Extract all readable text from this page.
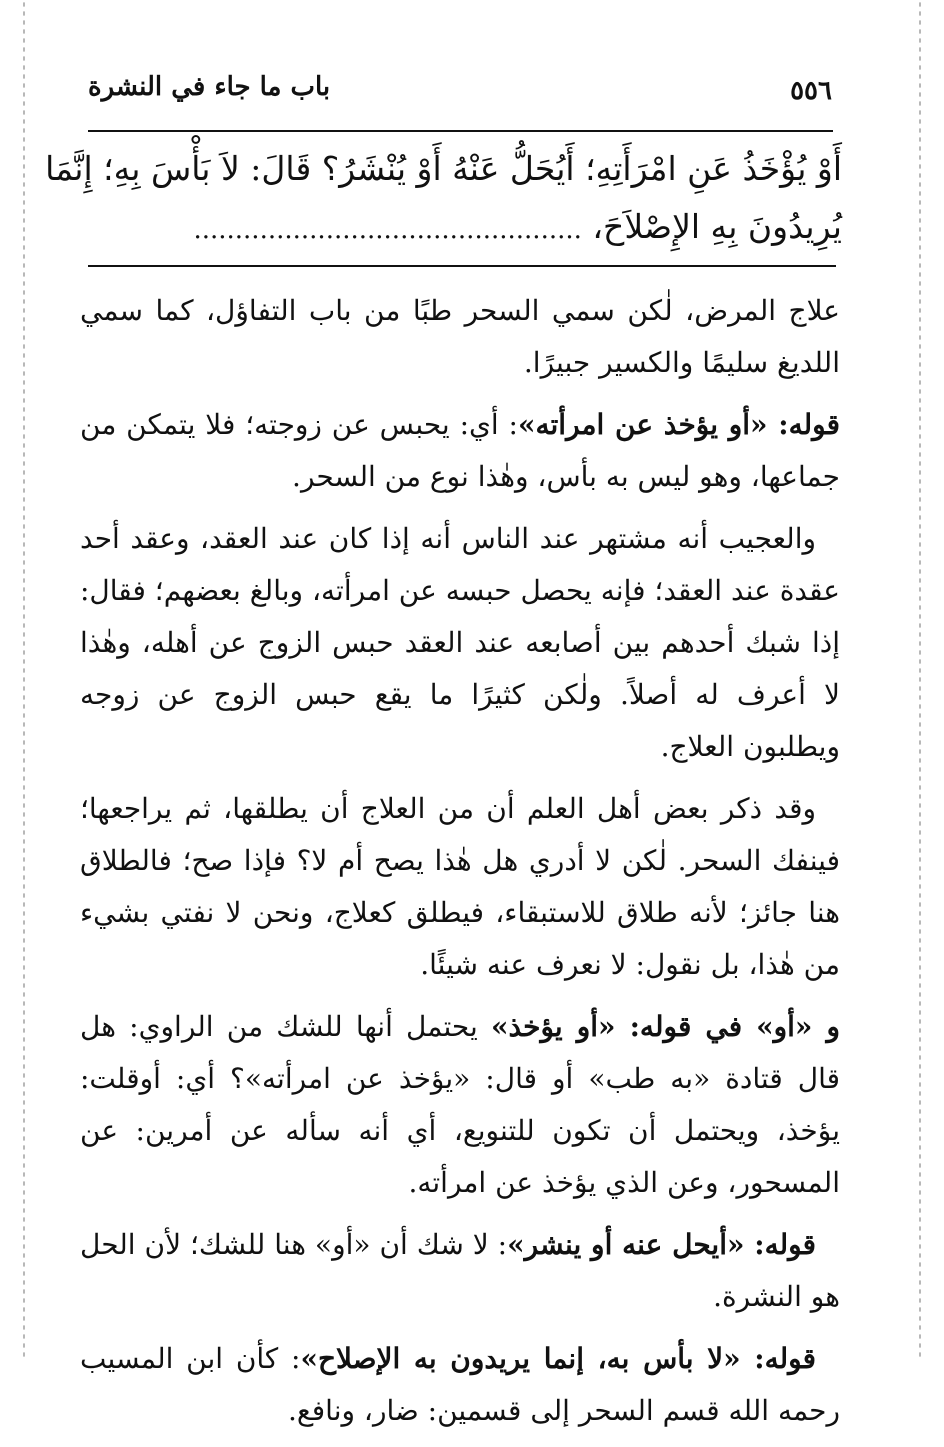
٥٥٦
باب ما جاء في النشرة
أَوْ يُؤْخَذُ عَنِ امْرَأَتِهِ؛ أَيُحَلُّ عَنْهُ أَوْ يُنْشَرُ؟ قَالَ: لاَ بَأْسَ بِهِ؛ إِنَّمَا
يُرِيدُونَ بِهِ الإِصْلاَحَ، ...............................................

علاج المرض، لٰكن سمي السحر طبًا من باب التفاؤل، كما سمي اللديغ سليمًا والكسير جبيرًا.

قوله: «أو يؤخذ عن امرأته»: أي: يحبس عن زوجته؛ فلا يتمكن من جماعها، وهو ليس به بأس، وهٰذا نوع من السحر.

والعجيب أنه مشتهر عند الناس أنه إذا كان عند العقد، وعقد أحد عقدة عند العقد؛ فإنه يحصل حبسه عن امرأته، وبالغ بعضهم؛ فقال: إذا شبك أحدهم بين أصابعه عند العقد حبس الزوج عن أهله، وهٰذا لا أعرف له أصلاً. ولٰكن كثيرًا ما يقع حبس الزوج عن زوجه ويطلبون العلاج.

وقد ذكر بعض أهل العلم أن من العلاج أن يطلقها، ثم يراجعها؛ فينفك السحر. لٰكن لا أدري هل هٰذا يصح أم لا؟ فإذا صح؛ فالطلاق هنا جائز؛ لأنه طلاق للاستبقاء، فيطلق كعلاج، ونحن لا نفتي بشيء من هٰذا، بل نقول: لا نعرف عنه شيئًا.

و «أو» في قوله: «أو يؤخذ» يحتمل أنها للشك من الراوي: هل قال قتادة «به طب» أو قال: «يؤخذ عن امرأته»؟ أي: أوقلت: يؤخذ، ويحتمل أن تكون للتنويع، أي أنه سأله عن أمرين: عن المسحور، وعن الذي يؤخذ عن امرأته.

قوله: «أيحل عنه أو ينشر»: لا شك أن «أو» هنا للشك؛ لأن الحل هو النشرة.

قوله: «لا بأس به، إنما يريدون به الإصلاح»: كأن ابن المسيب رحمه الله قسم السحر إلى قسمين: ضار، ونافع.
